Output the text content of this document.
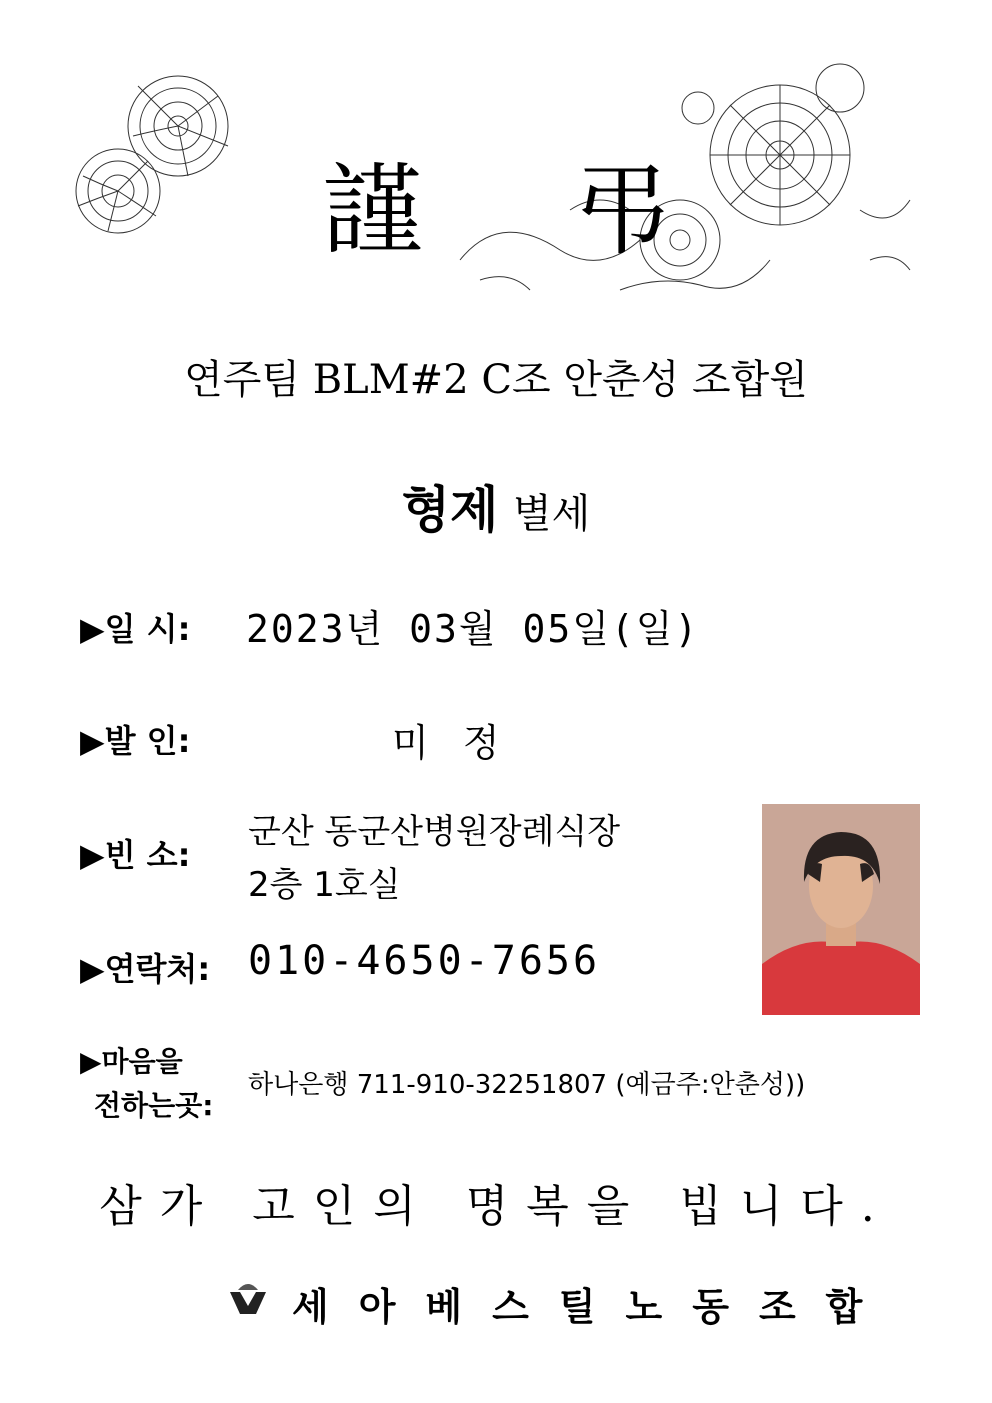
謹 弔
연주팀 BLM#2 C조 안춘성 조합원
형제 별세
▶일 시: 2023년 03월 05일(일)
▶발 인:	미정
▶빈 소:
군산 동군산병원장례식장
2층 1호실
▶연락처: 010-4650-7656
▶마음을
전하는곳:
하나은행 711-910-32251807 (예금주:안춘성))
삼가 고인의 명복을 빕니다.
세아베스틸노동조합
